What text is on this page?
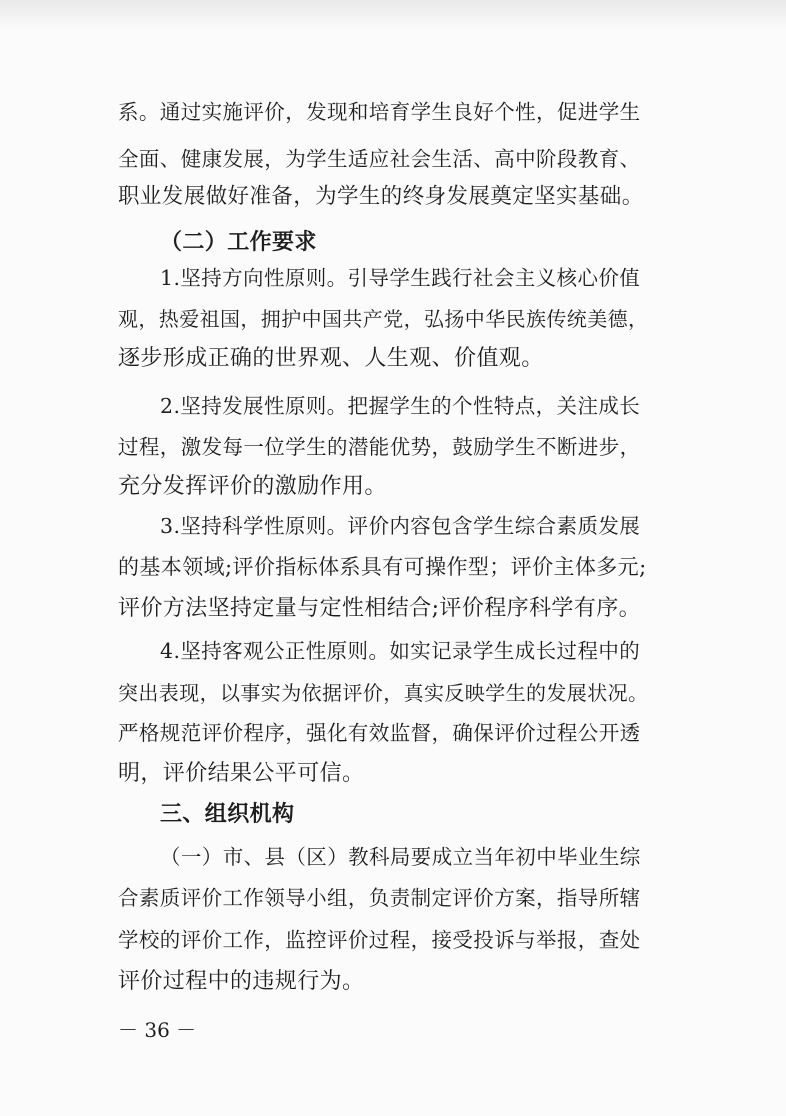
系。通过实施评价，发现和培育学生良好个性，促进学生
全面、健康发展，为学生适应社会生活、高中阶段教育、
职业发展做好准备，为学生的终身发展奠定坚实基础。
（二）工作要求
1.坚持方向性原则。引导学生践行社会主义核心价值
观，热爱祖国，拥护中国共产党，弘扬中华民族传统美德，
逐步形成正确的世界观、人生观、价值观。
2.坚持发展性原则。把握学生的个性特点，关注成长
过程，激发每一位学生的潜能优势，鼓励学生不断进步，
充分发挥评价的激励作用。
3.坚持科学性原则。评价内容包含学生综合素质发展
的基本领域;评价指标体系具有可操作型；评价主体多元;
评价方法坚持定量与定性相结合;评价程序科学有序。
4.坚持客观公正性原则。如实记录学生成长过程中的
突出表现，以事实为依据评价，真实反映学生的发展状况。
严格规范评价程序，强化有效监督，确保评价过程公开透
明，评价结果公平可信。
三、组织机构
（一）市、县（区）教科局要成立当年初中毕业生综
合素质评价工作领导小组，负责制定评价方案，指导所辖
学校的评价工作，监控评价过程，接受投诉与举报，查处
评价过程中的违规行为。
－ 36 －
